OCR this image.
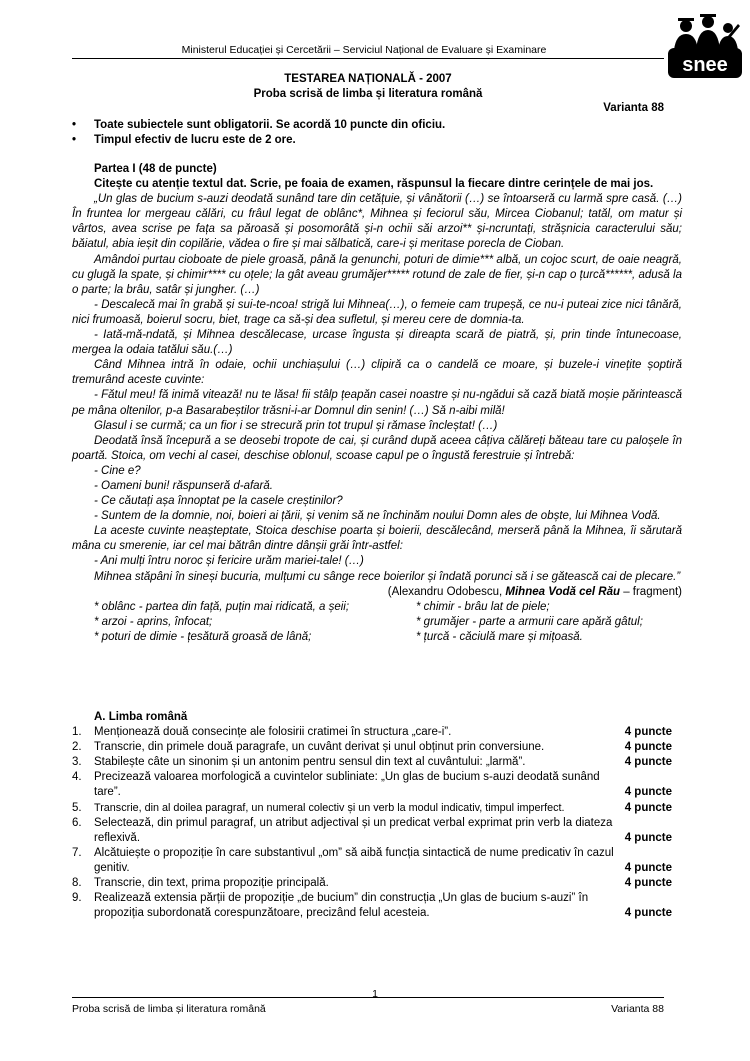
Ministerul Educației și Cercetării – Serviciul Național de Evaluare și Examinare
snee
TESTAREA NAȚIONALĂ - 2007
Proba scrisă de limba și literatura română
Varianta 88
• Toate subiectele sunt obligatorii. Se acordă 10 puncte din oficiu.
• Timpul efectiv de lucru este de 2 ore.
Partea I (48 de puncte)
Citește cu atenție textul dat. Scrie, pe foaia de examen, răspunsul la fiecare dintre cerințele de mai jos.

„Un glas de bucium s-auzi deodată sunând tare din cetățuie, și vânătorii (…) se întoarseră cu larmă spre casă. (…) În fruntea lor mergeau călări, cu frâul legat de oblânc*, Mihnea și feciorul său, Mircea Ciobanul; tatăl, om matur și vârtos, avea scrise pe fața sa păroasă și posomorâtă și-n ochii săi arzoi** și-ncruntați, strășnicia caracterului său; băiatul, abia ieșit din copilărie, vădea o fire și mai sălbatică, care-i și meritase porecla de Cioban.

Amândoi purtau cioboate de piele groasă, până la genunchi, poturi de dimie*** albă, un cojoc scurt, de oaie neagră, cu glugă la spate, și chimir**** cu oțele; la gât aveau grumăjer***** rotund de zale de fier, și-n cap o țurcă******, adusă la o parte; la brâu, satâr și jungher. (…)

- Descalecă mai în grabă și sui-te-ncoa! strigă lui Mihnea(…), o femeie cam trupeșă, ce nu-i puteai zice nici tânără, nici frumoasă, boierul socru, biet, trage ca să-și dea sufletul, și mereu cere de domnia-ta.

- Iată-mă-ndată, și Mihnea descălecase, urcase îngusta și direapta scară de piatră, și, prin tinde întunecoase, mergea la odaia tatălui său.(…)

Când Mihnea intră în odaie, ochii unchiașului (…) clipiră ca o candelă ce moare, și buzele-i vinețite șoptiră tremurând aceste cuvinte:

- Fătul meu! fă inimă vitează! nu te lăsa! fii stâlp țeapăn casei noastre și nu-ngădui să cază biată moșie părintească pe mâna oltenilor, p-a Basarabeștilor trăsni-i-ar Domnul din senin! (…) Să n-aibi milă!

Glasul i se curmă; ca un fior i se strecură prin tot trupul și rămase încleștat! (…)

Deodată însă începură a se deosebi tropote de cai, și curând după aceea câțiva călăreți băteau tare cu paloșele în poartă. Stoica, om vechi al casei, deschise oblonul, scoase capul pe o îngustă ferestruie și întrebă:

- Cine e?

- Oameni buni! răspunseră d-afară.

- Ce căutați așa înnoptat pe la casele creștinilor?

- Suntem de la domnie, noi, boieri ai țării, și venim să ne închinăm noului Domn ales de obște, lui Mihnea Vodă.

La aceste cuvinte neașteptate, Stoica deschise poarta și boierii, descălecând, merseră până la Mihnea, îi sărutară mâna cu smerenie, iar cel mai bătrân dintre dânșii grăi într-astfel:

- Ani mulți întru noroc și fericire urăm mariei-tale! (…)

Mihnea stăpâni în sineși bucuria, mulțumi cu sânge rece boierilor și îndată porunci să i se gătească cai de plecare.”

(Alexandru Odobescu, Mihnea Vodă cel Rău – fragment)
* oblânc - partea din față, puțin mai ridicată, a șeii;	* chimir - brâu lat de piele;
* arzoi - aprins, înfocat;	* grumăjer - parte a armurii care apără gâtul;
* poturi de dimie - țesătură groasă de lână;	* țurcă - căciulă mare și mițoasă.
A. Limba română
1. Menționează două consecințe ale folosirii cratimei în structura „care-i”.	4 puncte
2. Transcrie, din primele două paragrafe, un cuvânt derivat și unul obținut prin conversiune.	4 puncte
3. Stabilește câte un sinonim și un antonim pentru sensul din text al cuvântului: „larmă”.	4 puncte
4. Precizează valoarea morfologică a cuvintelor subliniate: „Un glas de bucium s-auzi deodată sunând tare”.	4 puncte
5. Transcrie, din al doilea paragraf, un numeral colectiv și un verb la modul indicativ, timpul imperfect.	4 puncte
6. Selectează, din primul paragraf, un atribut adjectival și un predicat verbal exprimat prin verb la diateza reflexivă.	4 puncte
7. Alcătuiește o propoziție în care substantivul „om” să aibă funcția sintactică de nume predicativ în cazul genitiv.	4 puncte
8. Transcrie, din text, prima propoziție principală.	4 puncte
9. Realizează extensia părții de propoziție „de bucium” din construcția „Un glas de bucium s-auzi” în propoziția subordonată corespunzătoare, precizând felul acesteia.	4 puncte
1
Proba scrisă de limba și literatura română	Varianta 88
